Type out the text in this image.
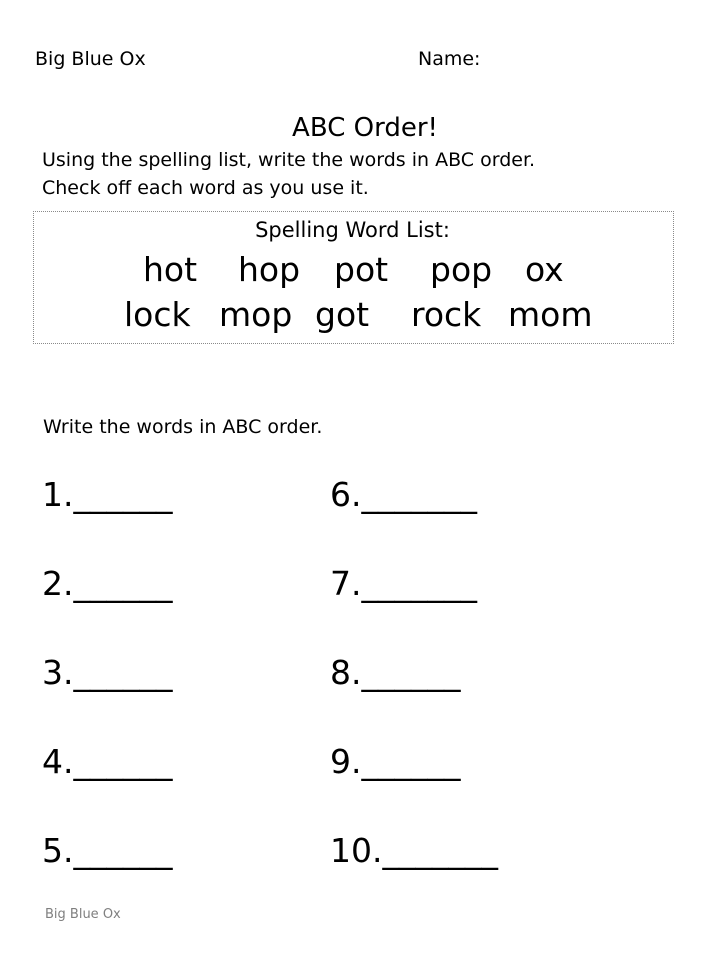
Big Blue Ox	Name:
ABC Order!
Using the spelling list, write the words in ABC order.
Check off each word as you use it.
Spelling Word List:
hot hop pot pop ox
lock mop got rock mom
Write the words in ABC order.
1.______
2.______
3.______
4.______
5.______
6._______
7._______
8.______
9.______
10._______
Big Blue Ox
